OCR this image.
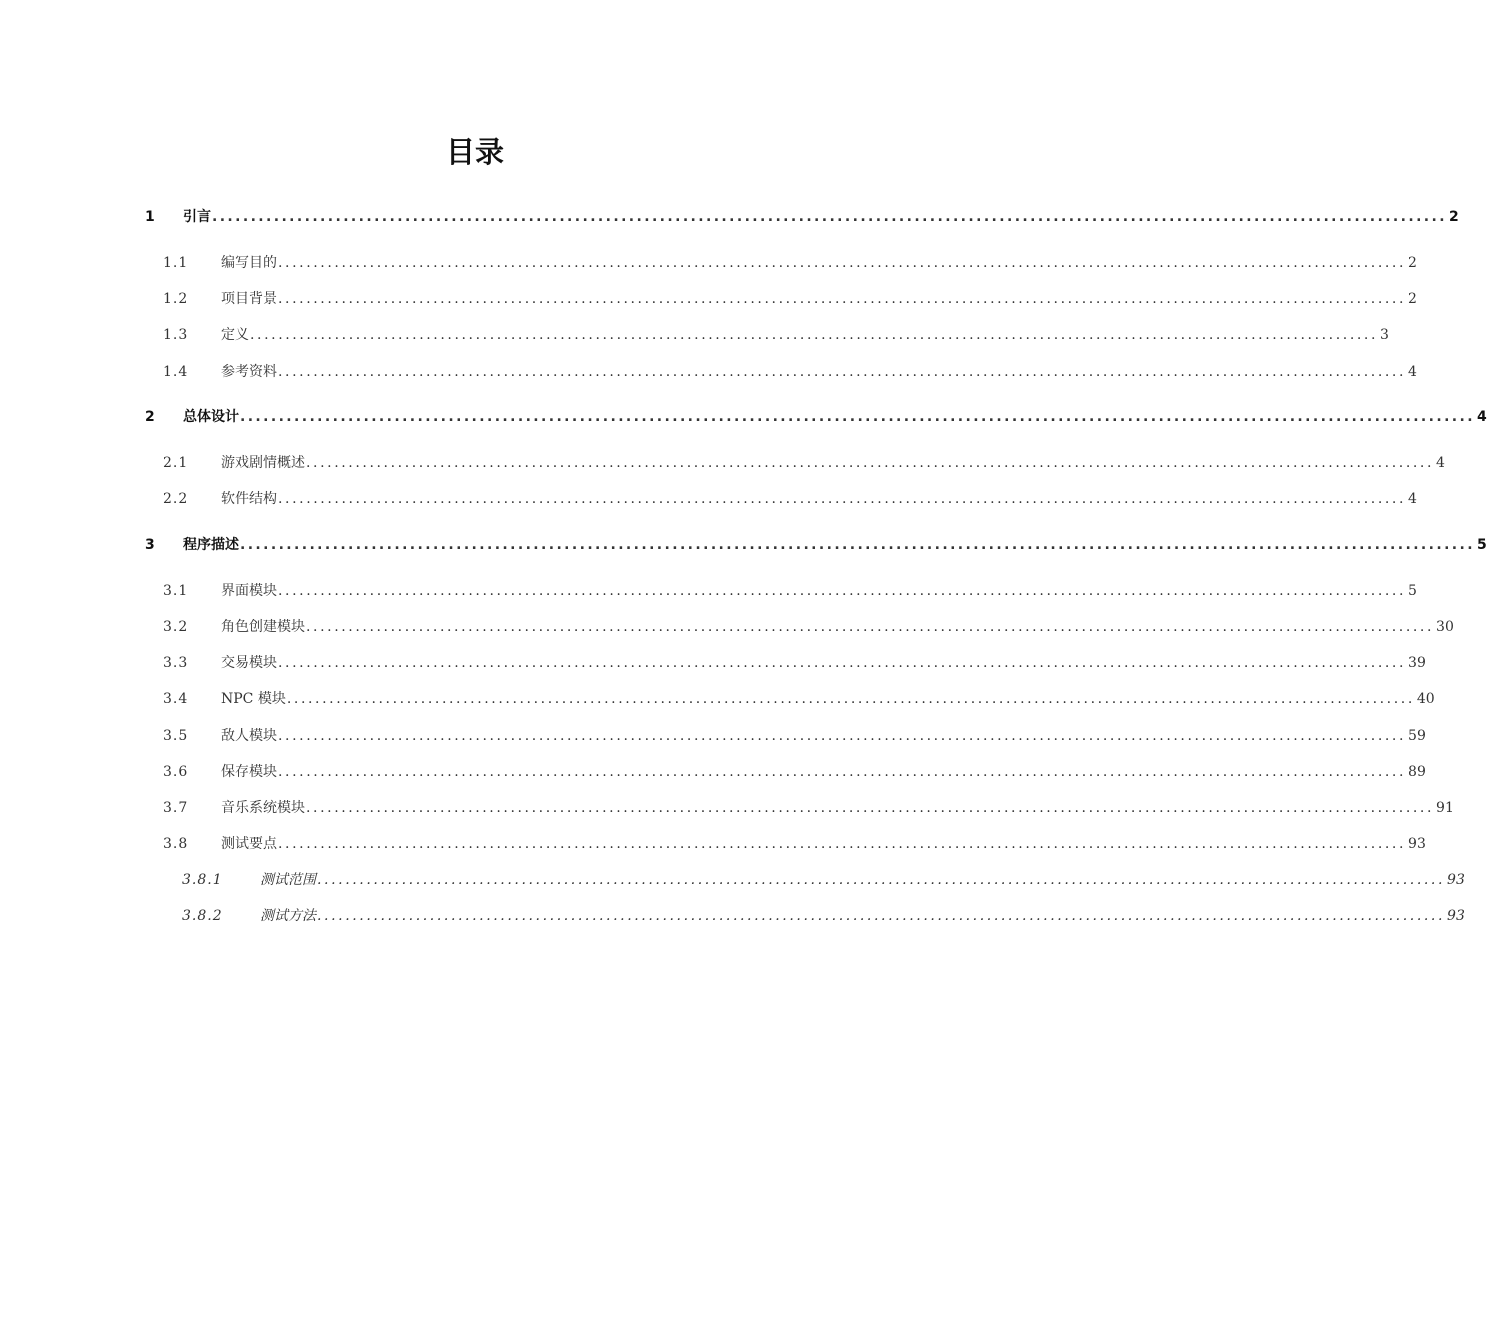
目录
1	引言 ................................................................................................................................................................ 2
1.1	编写目的 ................................................................................................................................................................ 2
1.2	项目背景 ................................................................................................................................................................ 2
1.3	定义 ................................................................................................................................................................ 3
1.4	参考资料 ................................................................................................................................................................ 4
2	总体设计 ................................................................................................................................................................ 4
2.1	游戏剧情概述 ................................................................................................................................................................ 4
2.2	软件结构 ................................................................................................................................................................ 4
3	程序描述 ................................................................................................................................................................ 5
3.1	界面模块 ................................................................................................................................................................ 5
3.2	角色创建模块 ................................................................................................................................................................ 30
3.3	交易模块 ................................................................................................................................................................ 39
3.4	NPC 模块 ................................................................................................................................................................ 40
3.5	敌人模块 ................................................................................................................................................................ 59
3.6	保存模块 ................................................................................................................................................................ 89
3.7	音乐系统模块 ................................................................................................................................................................ 91
3.8	测试要点 ................................................................................................................................................................ 93
3.8.1	测试范围 ................................................................................................................................................................ 93
3.8.2	测试方法 ................................................................................................................................................................ 93
